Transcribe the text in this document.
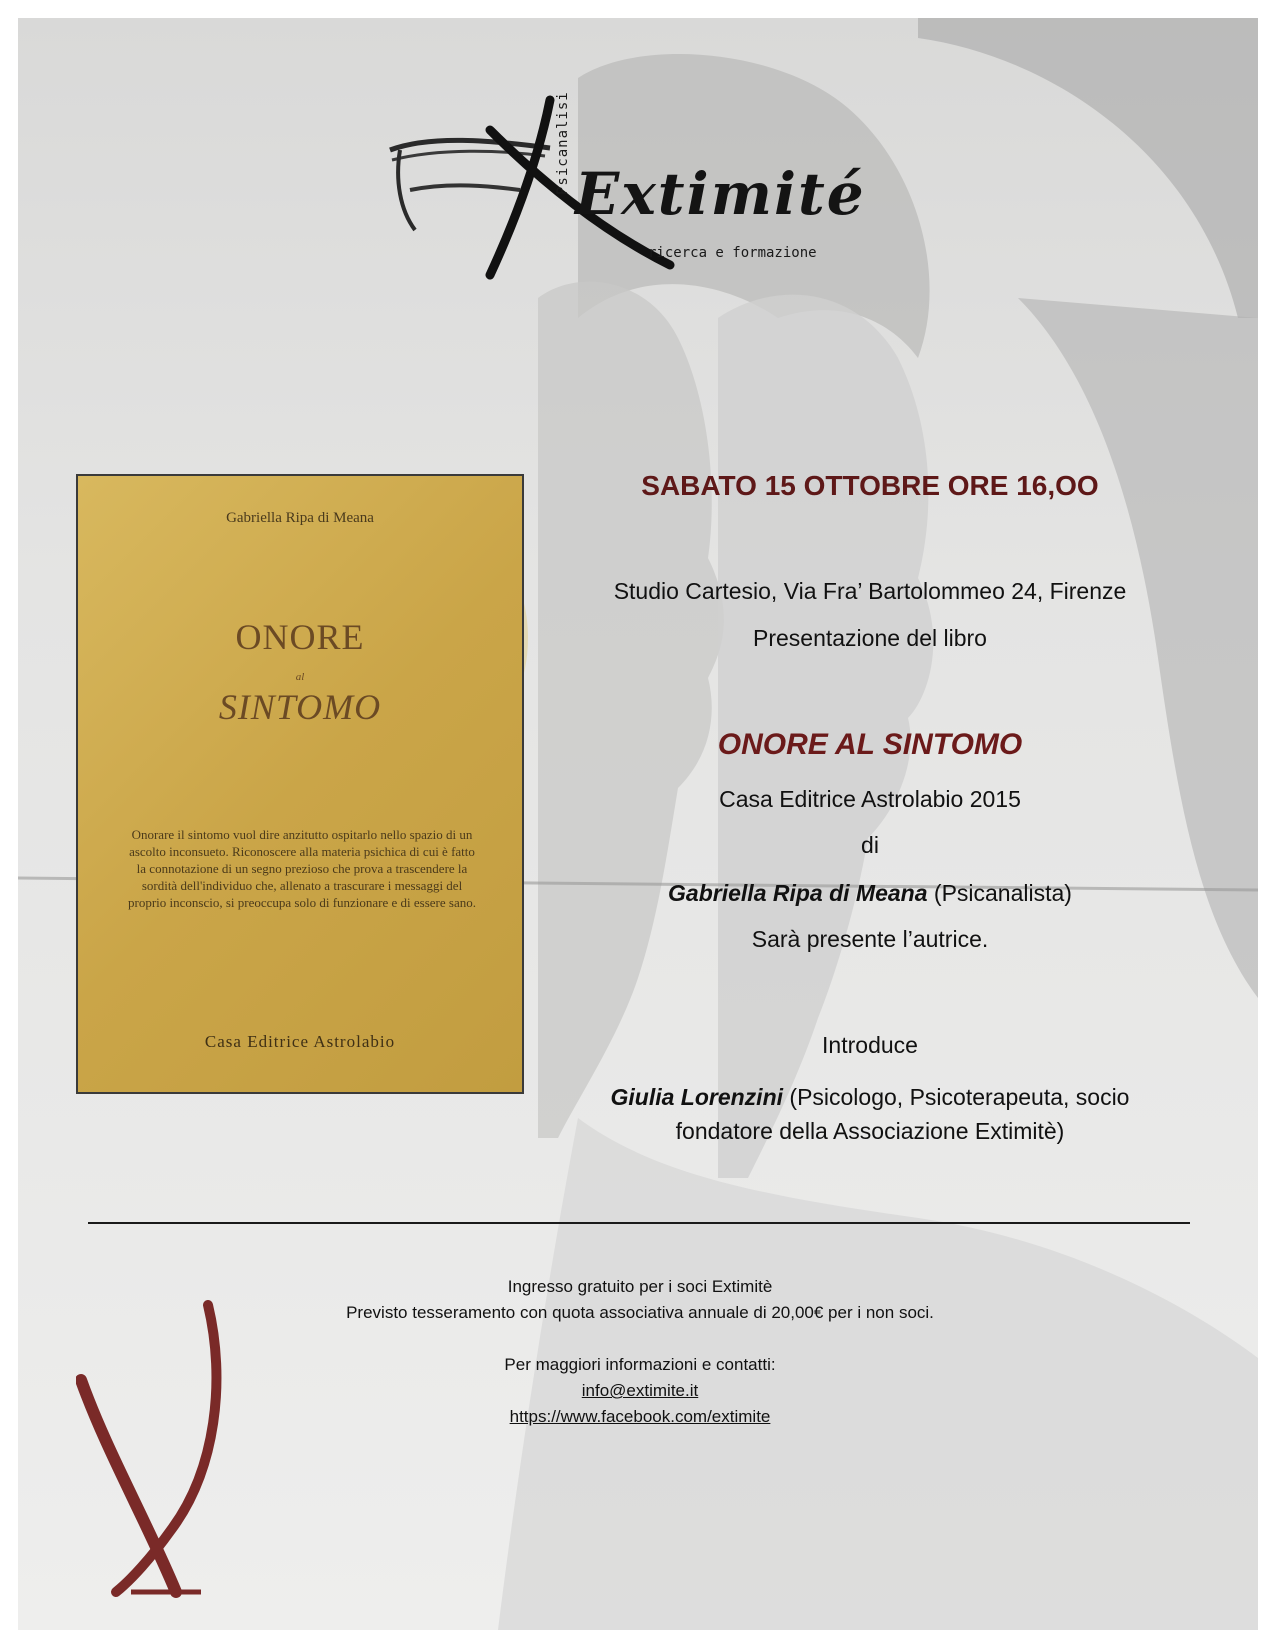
Extimité
Psicanalisi
ricerca e formazione
Gabriella Ripa di Meana
ONORE
al
SINTOMO
Onorare il sintomo vuol dire anzitutto ospitarlo nello spazio di un ascolto inconsueto. Riconoscere alla materia psichica di cui è fatto la connotazione di un segno prezioso che prova a trascendere la sordità dell'individuo che, allenato a trascurare i messaggi del proprio inconscio, si preoccupa solo di funzionare e di essere sano.
Casa Editrice Astrolabio
SABATO 15 OTTOBRE ORE 16,OO
Studio Cartesio, Via Fra’ Bartolommeo 24, Firenze
Presentazione del libro
ONORE AL SINTOMO
Casa Editrice Astrolabio 2015
di
Gabriella Ripa di Meana (Psicanalista)
Sarà presente l’autrice.
Introduce
Giulia Lorenzini (Psicologo, Psicoterapeuta, socio fondatore della Associazione Extimitè)
Ingresso gratuito per i soci Extimitè
Previsto tesseramento con quota associativa annuale di 20,00€ per i non soci.
Per maggiori informazioni e contatti:
info@extimite.it
https://www.facebook.com/extimite
